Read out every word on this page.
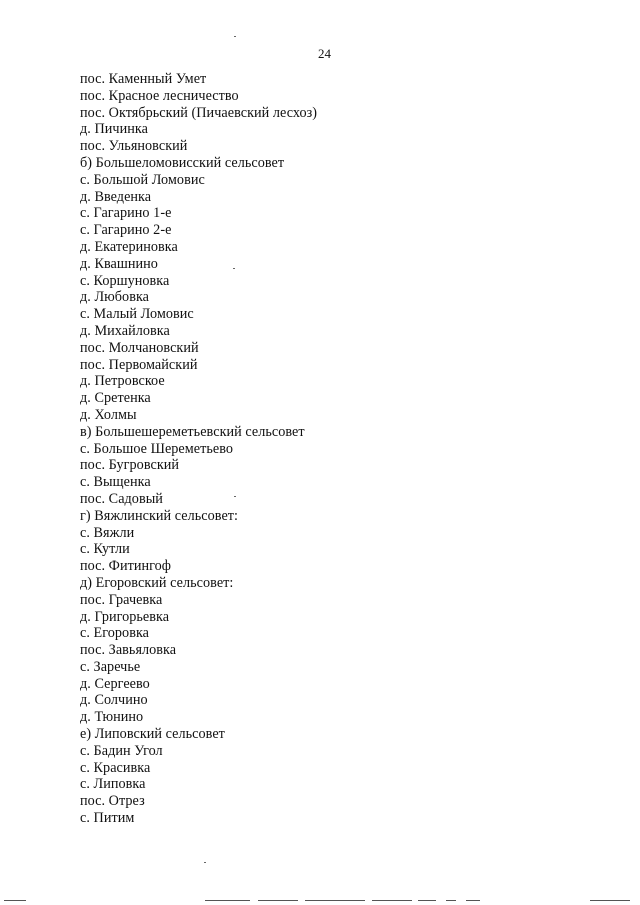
24
пос. Каменный Умет
пос. Красное лесничество
пос. Октябрьский (Пичаевский лесхоз)
д. Пичинка
пос. Ульяновский
б) Большеломовисский сельсовет
с. Большой Ломовис
д. Введенка
с. Гагарино 1-е
с. Гагарино 2-е
д. Екатериновка
д. Квашнино
с. Коршуновка
д. Любовка
с. Малый Ломовис
д. Михайловка
пос. Молчановский
пос. Первомайский
д. Петровское
д. Сретенка
д. Холмы
в) Большешереметьевский сельсовет
с. Большое Шереметьево
пос. Бугровский
с. Выщенка
пос. Садовый
г) Вяжлинский сельсовет:
с. Вяжли
с. Кутли
пос. Фитингоф
д) Егоровский сельсовет:
пос. Грачевка
д. Григорьевка
с. Егоровка
пос. Завьяловка
с. Заречье
д. Сергеево
д. Солчино
д. Тюнино
е) Липовский сельсовет
с. Бадин Угол
с. Красивка
с. Липовка
пос. Отрез
с. Питим
